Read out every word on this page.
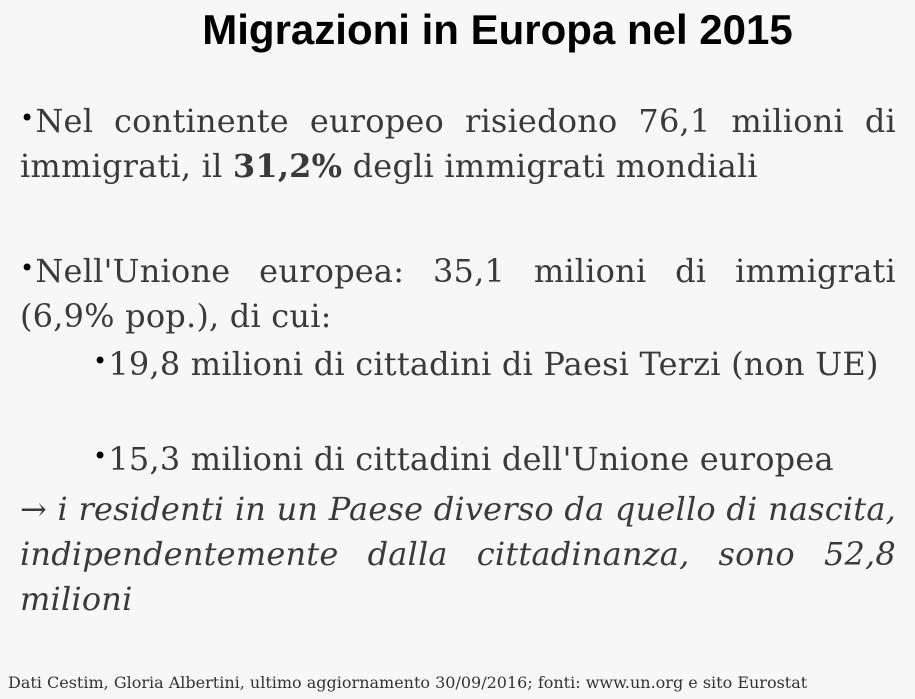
Migrazioni in Europa nel 2015
•Nel continente europeo risiedono 76,1 milioni di immigrati, il 31,2% degli immigrati mondiali
•Nell'Unione europea: 35,1 milioni di immigrati (6,9% pop.), di cui:
•19,8 milioni di cittadini di Paesi Terzi (non UE)
•15,3 milioni di cittadini dell'Unione europea
→ i residenti in un Paese diverso da quello di nascita, indipendentemente dalla cittadinanza, sono 52,8 milioni
Dati Cestim, Gloria Albertini, ultimo aggiornamento 30/09/2016; fonti: www.un.org e sito Eurostat
